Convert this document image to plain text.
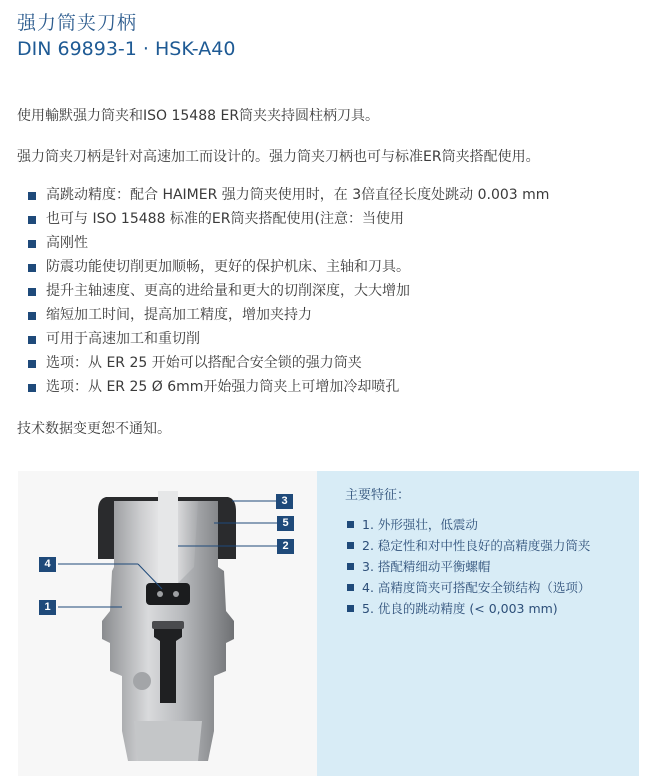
强力筒夹刀柄
DIN 69893-1 · HSK-A40
使用輸默强力筒夹和ISO 15488 ER筒夹夹持圆柱柄刀具。
强力筒夹刀柄是针对高速加工而设计的。强力筒夹刀柄也可与标准ER筒夹搭配使用。
高跳动精度：配合 HAIMER 强力筒夹使用时，在 3倍直径长度处跳动 0.003 mm
也可与 ISO 15488 标准的ER筒夹搭配使用(注意：当使用
高刚性
防震功能使切削更加顺畅，更好的保护机床、主轴和刀具。
提升主轴速度、更高的进给量和更大的切削深度，大大增加
缩短加工时间，提高加工精度，增加夹持力
可用于高速加工和重切削
选项：从 ER 25 开始可以搭配合安全锁的强力筒夹
选项：从 ER 25 Ø 6mm开始强力筒夹上可增加冷却喷孔
技术数据变更恕不通知。
1
2
3
4
5
主要特征：
1. 外形强壮，低震动
2. 稳定性和对中性良好的高精度强力筒夹
3. 搭配精细动平衡螺帽
4. 高精度筒夹可搭配安全锁结构（选项）
5. 优良的跳动精度 (< 0,003 mm)
